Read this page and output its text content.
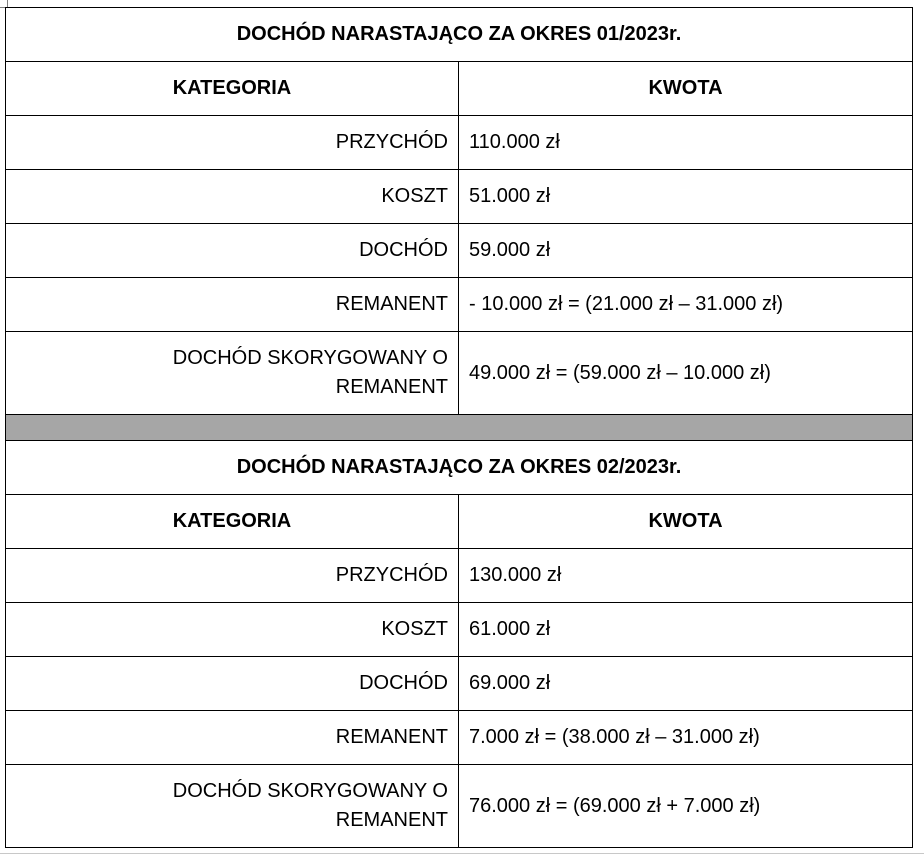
DOCHÓD NARASTAJĄCO ZA OKRES 01/2023r.	
KATEGORIA	KWOTA
PRZYCHÓD	110.000 zł
KOSZT	51.000 zł
DOCHÓD	59.000 zł
REMANENT	- 10.000 zł = (21.000 zł – 31.000 zł)
DOCHÓD SKORYGOWANY O
REMANENT	49.000 zł = (59.000 zł – 10.000 zł)

DOCHÓD NARASTAJĄCO ZA OKRES 02/2023r.	
KATEGORIA	KWOTA
PRZYCHÓD	130.000 zł
KOSZT	61.000 zł
DOCHÓD	69.000 zł
REMANENT	7.000 zł = (38.000 zł – 31.000 zł)
DOCHÓD SKORYGOWANY O
REMANENT	76.000 zł = (69.000 zł + 7.000 zł)
